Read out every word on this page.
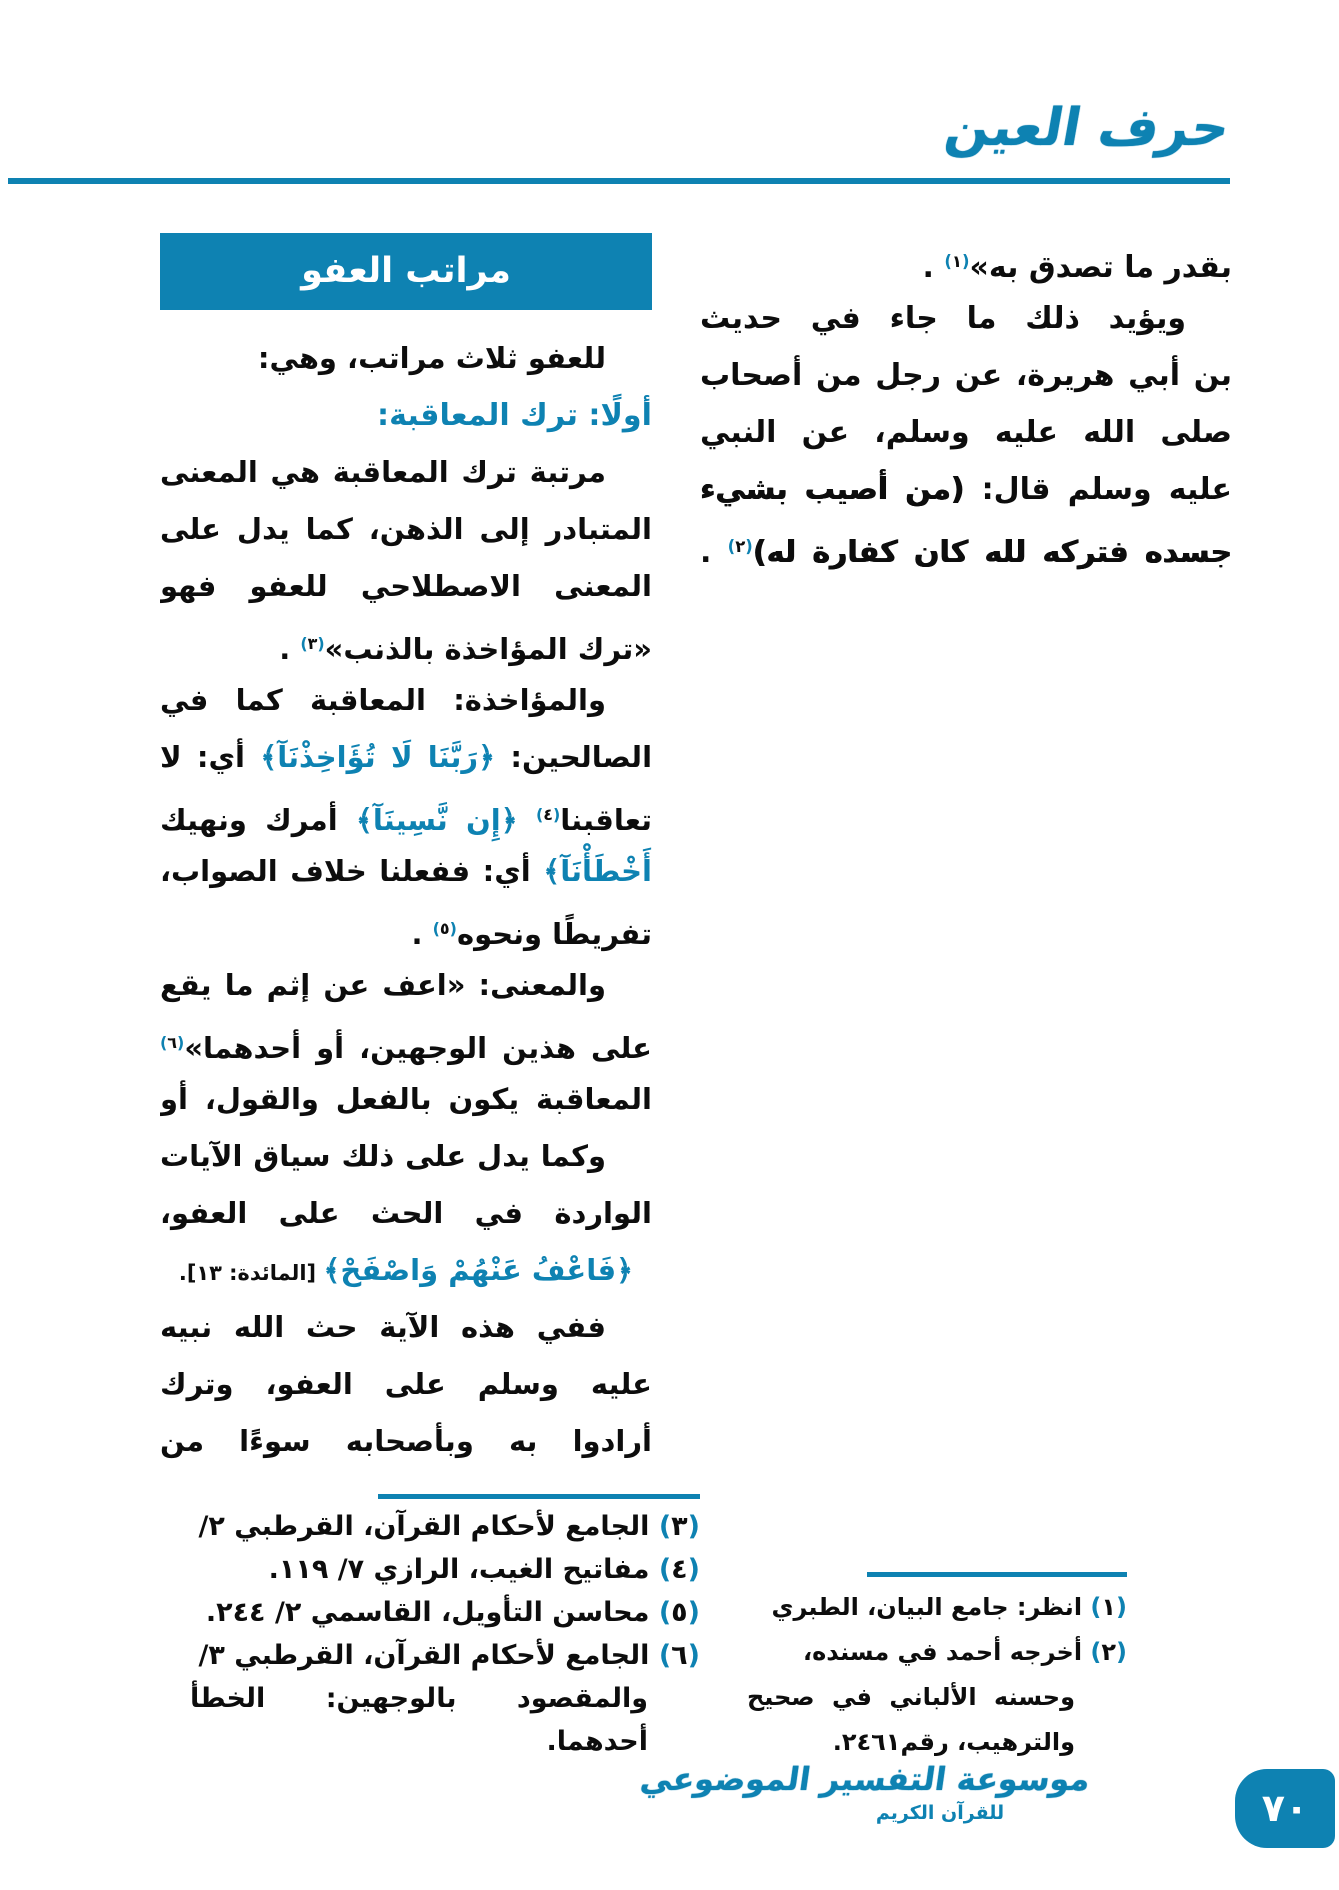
حرف العين
بقدر ما تصدق به»$^{(١)}$ .
ويؤيد ذلك ما جاء في حديث
بن أبي هريرة، عن رجل من أصحاب
صلى الله عليه وسلم، عن النبي
عليه وسلم قال: (من أصيب بشيء
جسده فتركه لله كان كفارة له)$^{(٢)}$ .
مراتب العفو
للعفو ثلاث مراتب، وهي:
أولًا: ترك المعاقبة:
مرتبة ترك المعاقبة هي المعنى
المتبادر إلى الذهن، كما يدل على
المعنى الاصطلاحي للعفو فهو
«ترك المؤاخذة بالذنب»$^{(٣)}$ .
والمؤاخذة: المعاقبة كما في
الصالحين: ﴿رَبَّنَا لَا تُؤَاخِذْنَآ﴾ أي: لا
تعاقبنا$^{(٤)}$ ﴿إِن نَّسِينَآ﴾ أمرك ونهيك
أَخْطَأْنَآ﴾ أي: ففعلنا خلاف الصواب،
تفريطًا ونحوه$^{(٥)}$ .
والمعنى: «اعف عن إثم ما يقع
على هذين الوجهين، أو أحدهما»$^{(٦)}$
المعاقبة يكون بالفعل والقول، أو
وكما يدل على ذلك سياق الآيات
الواردة في الحث على العفو،
﴿فَاعْفُ عَنْهُمْ وَاصْفَحْ﴾ [المائدة: ١٣].
ففي هذه الآية حث الله نبيه
عليه وسلم على العفو، وترك
أرادوا به وبأصحابه سوءًا من
(٣) الجامع لأحكام القرآن، القرطبي ٢/
(٤) مفاتيح الغيب، الرازي ٧/ ١١٩.
(٥) محاسن التأويل، القاسمي ٢/ ٢٤٤.
(٦) الجامع لأحكام القرآن، القرطبي ٣/
والمقصود بالوجهين: الخطأ
أحدهما.
(١) انظر: جامع البيان، الطبري
(٢) أخرجه أحمد في مسنده،
وحسنه الألباني في صحيح
والترهيب، رقم٢٤٦١.
موسوعة التفسير الموضوعي
للقرآن الكريم	٧٠
